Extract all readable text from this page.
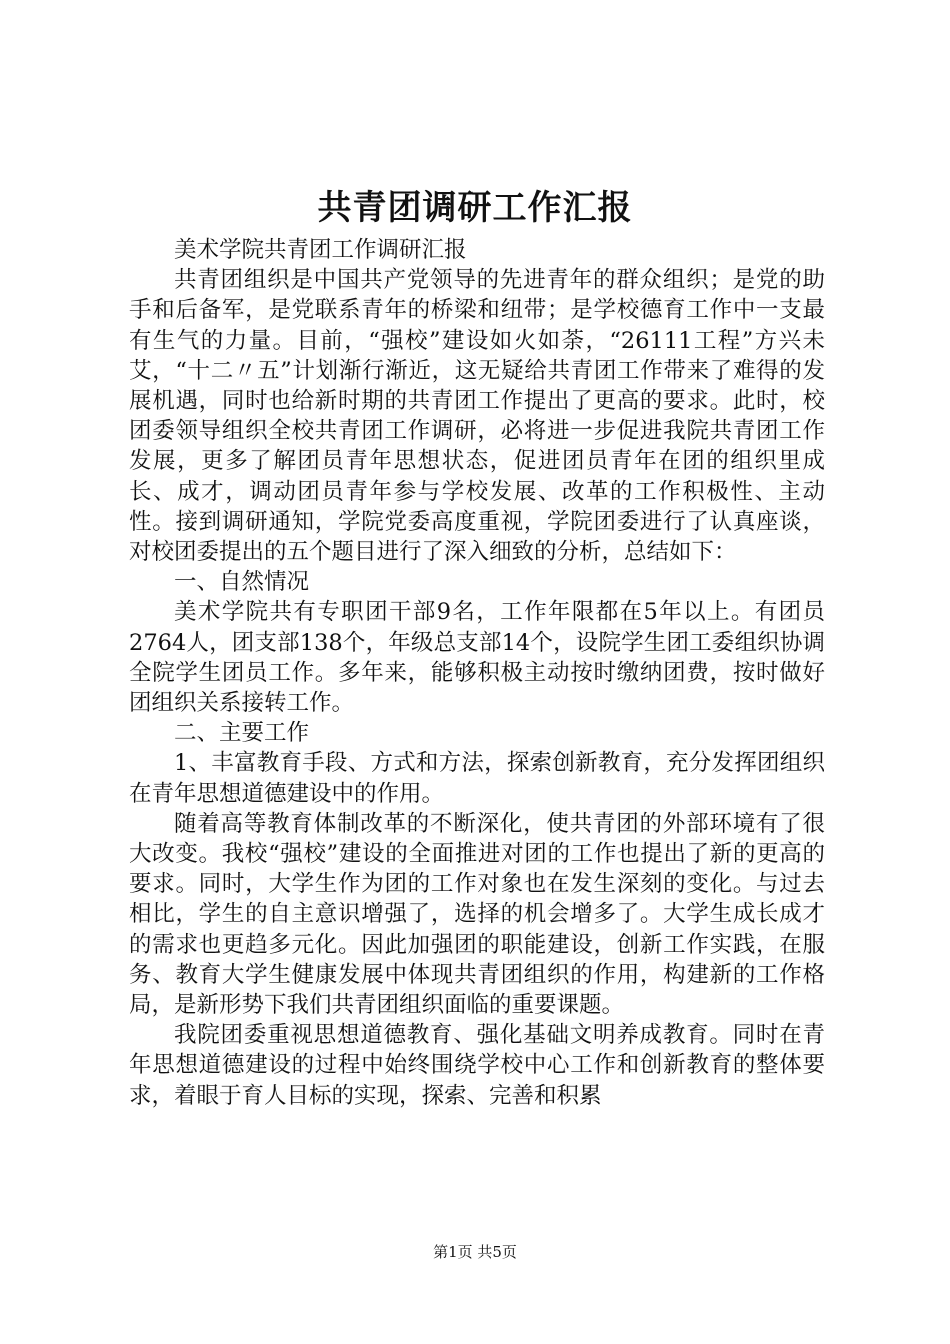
共青团调研工作汇报

美术学院共青团工作调研汇报

共青团组织是中国共产党领导的先进青年的群众组织；是党的助手和后备军，是党联系青年的桥梁和纽带；是学校德育工作中一支最有生气的力量。目前，“强校”建设如火如荼，“26111工程”方兴未艾，“十二〃五”计划渐行渐近，这无疑给共青团工作带来了难得的发展机遇，同时也给新时期的共青团工作提出了更高的要求。此时，校团委领导组织全校共青团工作调研，必将进一步促进我院共青团工作发展，更多了解团员青年思想状态，促进团员青年在团的组织里成长、成才，调动团员青年参与学校发展、改革的工作积极性、主动性。接到调研通知，学院党委高度重视，学院团委进行了认真座谈，对校团委提出的五个题目进行了深入细致的分析，总结如下：

一、自然情况

美术学院共有专职团干部9名，工作年限都在5年以上。有团员2764人，团支部138个，年级总支部14个，设院学生团工委组织协调全院学生团员工作。多年来，能够积极主动按时缴纳团费，按时做好团组织关系接转工作。

二、主要工作

1、丰富教育手段、方式和方法，探索创新教育，充分发挥团组织在青年思想道德建设中的作用。

随着高等教育体制改革的不断深化，使共青团的外部环境有了很大改变。我校“强校”建设的全面推进对团的工作也提出了新的更高的要求。同时，大学生作为团的工作对象也在发生深刻的变化。与过去相比，学生的自主意识增强了，选择的机会增多了。大学生成长成才的需求也更趋多元化。因此加强团的职能建设，创新工作实践，在服务、教育大学生健康发展中体现共青团组织的作用，构建新的工作格局，是新形势下我们共青团组织面临的重要课题。

我院团委重视思想道德教育、强化基础文明养成教育。同时在青年思想道德建设的过程中始终围绕学校中心工作和创新教育的整体要求，着眼于育人目标的实现，探索、完善和积累

第1页 共5页
